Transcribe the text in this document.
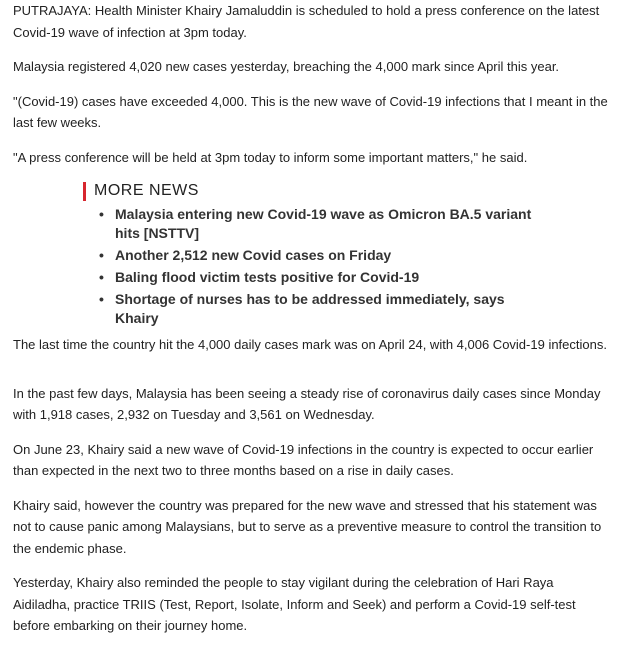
PUTRAJAYA: Health Minister Khairy Jamaluddin is scheduled to hold a press conference on the latest Covid-19 wave of infection at 3pm today.

Malaysia registered 4,020 new cases yesterday, breaching the 4,000 mark since April this year.

"(Covid-19) cases have exceeded 4,000. This is the new wave of Covid-19 infections that I meant in the last few weeks.

"A press conference will be held at 3pm today to inform some important matters," he said.

MORE NEWS
• Malaysia entering new Covid-19 wave as Omicron BA.5 variant hits [NSTTV]
• Another 2,512 new Covid cases on Friday
• Baling flood victim tests positive for Covid-19
• Shortage of nurses has to be addressed immediately, says Khairy

The last time the country hit the 4,000 daily cases mark was on April 24, with 4,006 Covid-19 infections.

In the past few days, Malaysia has been seeing a steady rise of coronavirus daily cases since Monday with 1,918 cases, 2,932 on Tuesday and 3,561 on Wednesday.

On June 23, Khairy said a new wave of Covid-19 infections in the country is expected to occur earlier than expected in the next two to three months based on a rise in daily cases.

Khairy said, however the country was prepared for the new wave and stressed that his statement was not to cause panic among Malaysians, but to serve as a preventive measure to control the transition to the endemic phase.

Yesterday, Khairy also reminded the people to stay vigilant during the celebration of Hari Raya Aidiladha, practice TRIIS (Test, Report, Isolate, Inform and Seek) and perform a Covid-19 self-test before embarking on their journey home.
